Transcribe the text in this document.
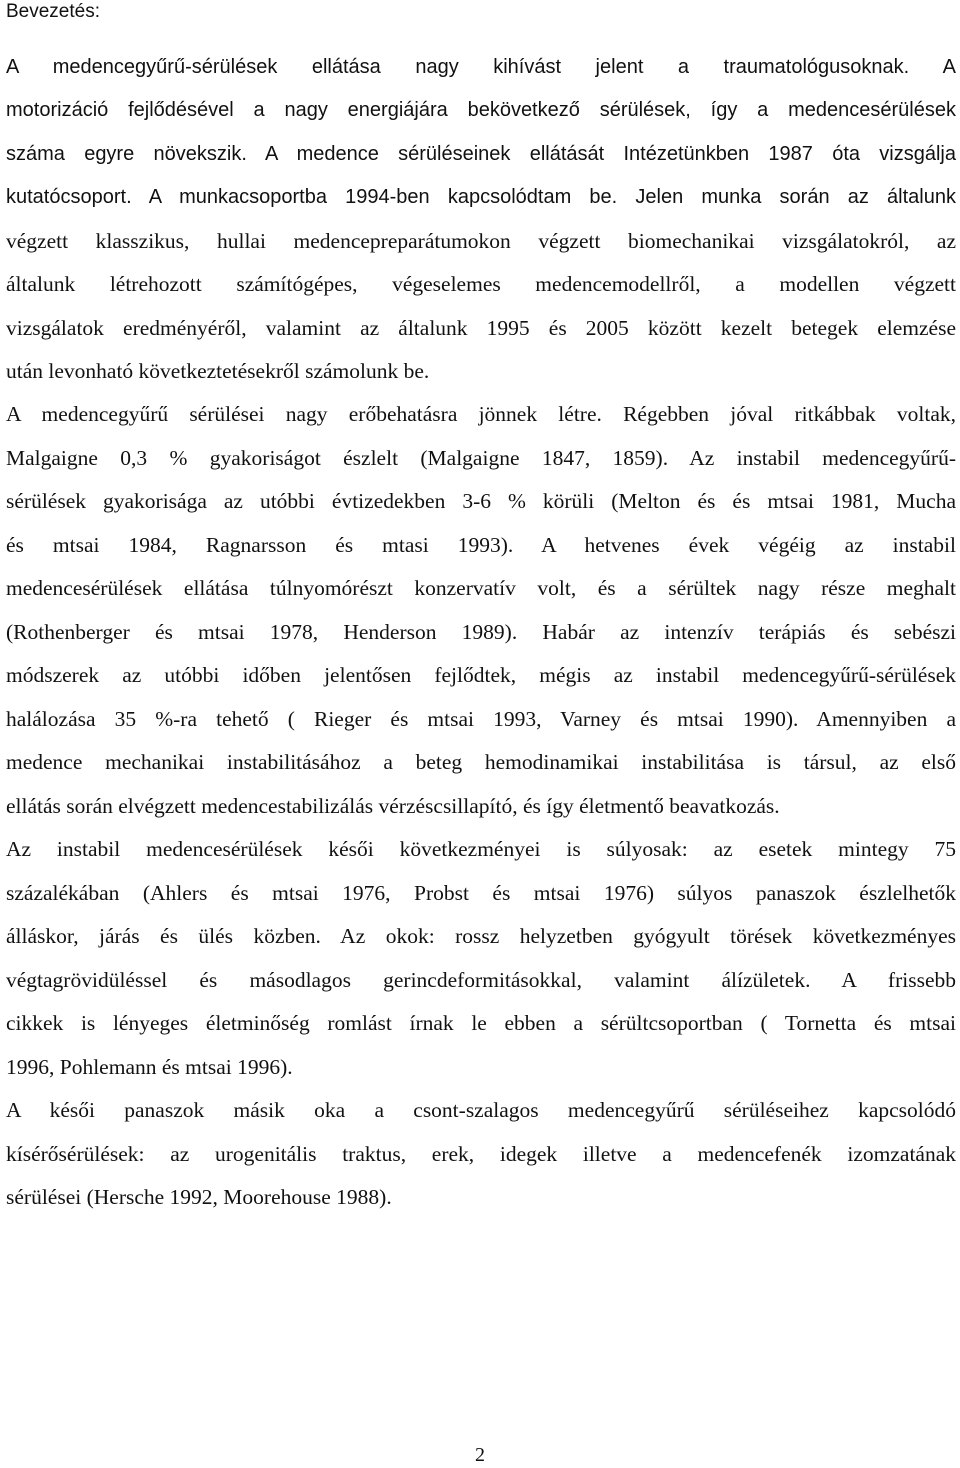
Bevezetés:
A medencegyűrű-sérülések ellátása nagy kihívást jelent a traumatológusoknak. A
motorizáció fejlődésével a nagy energiájára bekövetkező sérülések, így a medencesérülések
száma egyre növekszik. A medence sérüléseinek ellátását Intézetünkben 1987 óta vizsgálja
kutatócsoport. A munkacsoportba 1994-ben kapcsolódtam be. Jelen munka során az általunk
végzett klasszikus, hullai medencepreparátumokon végzett biomechanikai vizsgálatokról, az
általunk létrehozott számítógépes, végeselemes medencemodellről, a modellen végzett
vizsgálatok eredményéről, valamint az általunk 1995 és 2005 között kezelt betegek elemzése
után levonható következtetésekről számolunk be.
A medencegyűrű sérülései nagy erőbehatásra jönnek létre. Régebben jóval ritkábbak voltak,
Malgaigne 0,3 % gyakoriságot észlelt (Malgaigne 1847, 1859). Az instabil medencegyűrű-
sérülések gyakorisága az utóbbi évtizedekben 3-6 % körüli (Melton és és mtsai 1981, Mucha
és mtsai 1984, Ragnarsson és mtasi 1993). A hetvenes évek végéig az instabil
medencesérülések ellátása túlnyomórészt konzervatív volt, és a sérültek nagy része meghalt
(Rothenberger és mtsai 1978, Henderson 1989). Habár az intenzív terápiás és sebészi
módszerek az utóbbi időben jelentősen fejlődtek, mégis az instabil medencegyűrű-sérülések
halálozása 35 %-ra tehető ( Rieger és mtsai 1993, Varney és mtsai 1990). Amennyiben a
medence mechanikai instabilitásához a beteg hemodinamikai instabilitása is társul, az első
ellátás során elvégzett medencestabilizálás vérzéscsillapító, és így életmentő beavatkozás.
Az instabil medencesérülések késői következményei is súlyosak: az esetek mintegy 75
százalékában (Ahlers és mtsai 1976, Probst és mtsai 1976) súlyos panaszok észlelhetők
álláskor, járás és ülés közben. Az okok: rossz helyzetben gyógyult törések következményes
végtagrövidüléssel és másodlagos gerincdeformitásokkal, valamint álízületek. A frissebb
cikkek is lényeges életminőség romlást írnak le ebben a sérültcsoportban ( Tornetta és mtsai
1996, Pohlemann és mtsai 1996).
A késői panaszok másik oka a csont-szalagos medencegyűrű sérüléseihez kapcsolódó
kísérősérülések: az urogenitális traktus, erek, idegek illetve a medencefenék izomzatának
sérülései (Hersche 1992, Moorehouse 1988).
2
